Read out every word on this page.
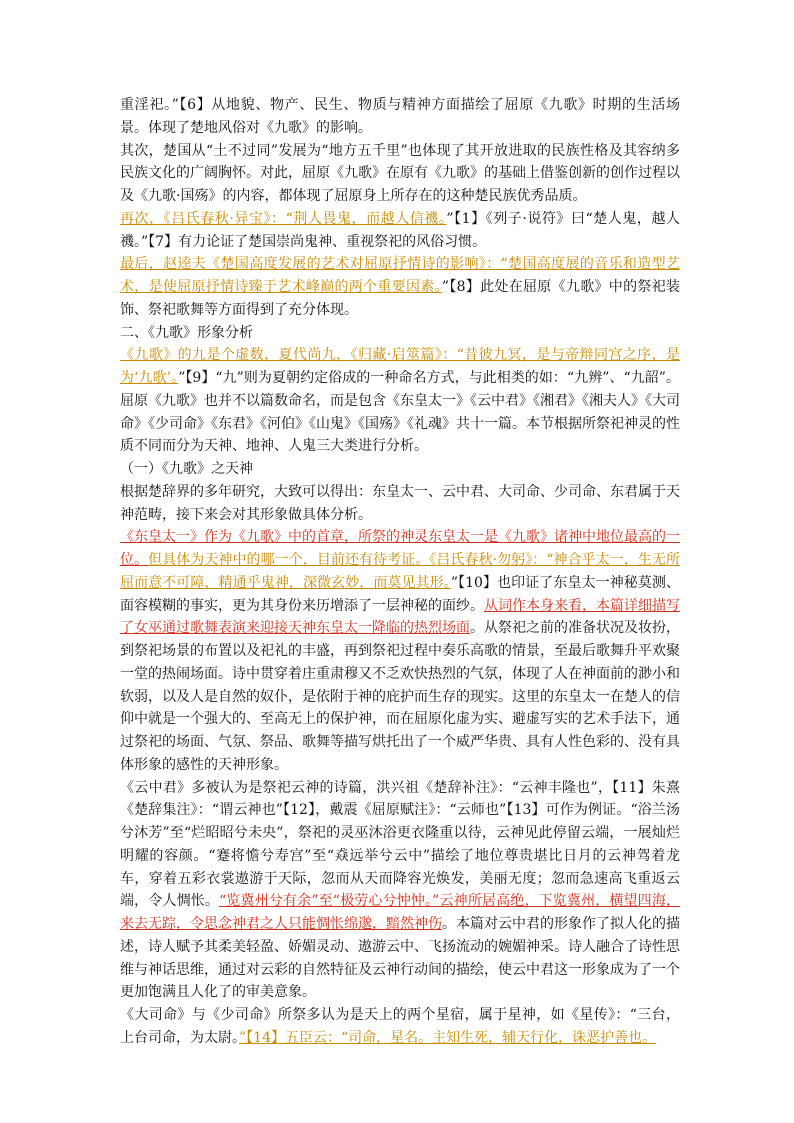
重淫祀。”【6】从地貌、物产、民生、物质与精神方面描绘了屈原《九歌》时期的生活场景。体现了楚地风俗对《九歌》的影响。

其次，楚国从“土不过同”发展为“地方五千里”也体现了其开放进取的民族性格及其容纳多民族文化的广阔胸怀。对此，屈原《九歌》在原有《九歌》的基础上借鉴创新的创作过程以及《九歌·国殇》的内容，都体现了屈原身上所存在的这种楚民族优秀品质。

再次，《吕氏春秋·异宝》：“荆人畏鬼，而越人信禨。”【1】《列子·说符》曰“楚人鬼，越人禨。”【7】有力论证了楚国崇尚鬼神、重视祭祀的风俗习惯。

最后，赵逵夫《楚国高度发展的艺术对屈原抒情诗的影响》：“楚国高度展的音乐和造型艺术，是使屈原抒情诗臻于艺术峰巅的两个重要因素。”【8】此处在屈原《九歌》中的祭祀装饰、祭祀歌舞等方面得到了充分体现。

二、《九歌》形象分析

《九歌》的九是个虚数，夏代尚九，《归藏·启筮篇》：“昔彼九冥，是与帝辩同宫之序，是为‘九歌’。”【9】“九”则为夏朝约定俗成的一种命名方式，与此相类的如：“九辨”、“九韶”。屈原《九歌》也并不以篇数命名，而是包含《东皇太一》《云中君》《湘君》《湘夫人》《大司命》《少司命》《东君》《河伯》《山鬼》《国殇》《礼魂》共十一篇。本节根据所祭祀神灵的性质不同而分为天神、地神、人鬼三大类进行分析。

（一）《九歌》之天神

根据楚辞界的多年研究，大致可以得出：东皇太一、云中君、大司命、少司命、东君属于天神范畴，接下来会对其形象做具体分析。

《东皇太一》作为《九歌》中的首章，所祭的神灵东皇太一是《九歌》诸神中地位最高的一位。但具体为天神中的哪一个，目前还有待考证。《吕氏春秋·勿躬》：“神合乎太一，生无所屈而意不可障，精通乎鬼神，深微玄妙，而莫见其形。”【10】也印证了东皇太一神秘莫测、面容模糊的事实，更为其身份来历增添了一层神秘的面纱。从词作本身来看，本篇详细描写了女巫通过歌舞表演来迎接天神东皇太一降临的热烈场面。从祭祀之前的准备状况及妆扮，到祭祀场景的布置以及祀礼的丰盛，再到祭祀过程中奏乐高歌的情景，至最后歌舞升平欢聚一堂的热闹场面。诗中贯穿着庄重肃穆又不乏欢快热烈的气氛，体现了人在神面前的渺小和软弱，以及人是自然的奴仆，是依附于神的庇护而生存的现实。这里的东皇太一在楚人的信仰中就是一个强大的、至高无上的保护神，而在屈原化虚为实、避虚写实的艺术手法下，通过祭祀的场面、气氛、祭品、歌舞等描写烘托出了一个威严华贵、具有人性色彩的、没有具体形象的感性的天神形象。

《云中君》多被认为是祭祀云神的诗篇，洪兴祖《楚辞补注》：“云神丰隆也”，【11】朱熹《楚辞集注》：“谓云神也”【12】，戴震《屈原赋注》：“云师也”【13】可作为例证。“浴兰汤兮沐芳”至“烂昭昭兮未央”，祭祀的灵巫沐浴更衣隆重以待，云神见此停留云端，一展灿烂明耀的容颜。“蹇将憺兮寿宫”至“猋远举兮云中”描绘了地位尊贵堪比日月的云神驾着龙车，穿着五彩衣裳遨游于天际，忽而从天而降容光焕发，美丽无度；忽而急速高飞重返云端，令人惆怅。“览冀州兮有余”至“极劳心兮忡忡。”云神所居高绝，下览冀州，横望四海，来去无踪，令思念神君之人只能惆怅绵邈，黯然神伤。本篇对云中君的形象作了拟人化的描述，诗人赋予其柔美轻盈、娇媚灵动、遨游云中、飞扬流动的婉媚神采。诗人融合了诗性思维与神话思维，通过对云彩的自然特征及云神行动间的描绘，使云中君这一形象成为了一个更加饱满且人化了的审美意象。

《大司命》与《少司命》所祭多认为是天上的两个星宿，属于星神，如《星传》：“三台，上台司命，为太尉。”【14】五臣云：“司命，星名。主知生死，辅天行化，诛恶护善也。
